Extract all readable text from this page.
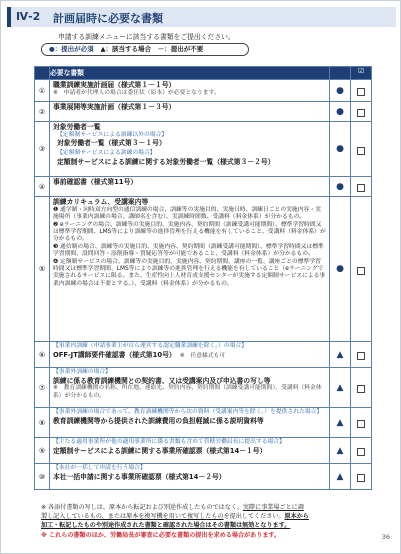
Ⅳ-2 計画届時に必要な書類
申請する訓練メニューに該当する書類をご提出ください。
●：提出が必須 ▲：該当する場合 －：提出が不要
	必要な書類		☑
①	職業訓練実施計画届（様式第１－１号）
※　申請者が代理人の場合は委任状（原本）が必要となります。	●	
②	事業展開等実施計画（様式第１－３号）	●	
③	対象労働者一覧
【定額制サービスによる訓練以外の場合】
対象労働者一覧（様式第３－１号）
【定額制サービスによる訓練の場合】
定額制サービスによる訓練に関する対象労働者一覧（様式第３－２号）	●	
④	事前確認書（様式第11号）	●	
⑤	訓練カリキュラム、受講案内等
❶ 通学制・同時双方向型の通信訓練の場合、訓練等の実施目的、実施日時、訓練日ごとの実施内容・実施場所（事業内訓練の場合、講師名を含む）、実訓練時間数、受講料（料金体系）が分かるもの。
❷ eラーニングの場合、訓練等の実施目的、実施内容、契約期間（訓練受講可能期間）、標準学習時間又は標準学習期間、LMS等により訓練等の進捗管理を行える機能を有していること、受講料（料金体系）が分かるもの。
❸ 通信制の場合、訓練等の実施目的、実施内容、契約期間（訓練受講可能期間）、標準学習時間又は標準学習期間、設問回答・添削指導・質疑応答等が可能であること、受講料（料金体系）が分かるもの。
❹ 定額制サービスの場合、訓練等の実施目的、実施内容、契約期間、講座の一覧、講座ごとの標準学習時間又は標準学習期間、LMS等により訓練等の進捗管理を行える機能を有していること（eラーニングで実施されるサービスに限る。また、生産性向上人材育成支援センターが実施する定額制サービスによる事業内訓練の場合は不要とする。）、受講料（料金体系）が分かるもの。	●	
⑥	【事業内訓練（申請事業主が自ら運営する認定職業訓練を除く。）の場合】
OFF-JT講師要件確認書（様式第10号） ※　任意様式も可	▲	
⑦	【事業外訓練の場合】
訓練に係る教育訓練機関との契約書、又は受講案内及び申込書の写し等
※　教育訓練機関の名称、所在地、連絡先、契約内容、契約期間（訓練受講可能期間）、受講料（料金体系）が分かるもの。	▲	
⑧	【事業外訓練の場合であって、教育訓練機関等から次の資料（受講案内等を除く。）を提供された場合】
教育訓練機関等から提供された訓練費用の負担軽減に係る説明資料等	▲	
⑨	【主たる適用事業所が他の適用事業所に係る書類も含めて管轄労働局長に提出する場合】
定額制サービスによる訓練に関する事業所確認票（様式第14－１号）	▲	
⑩	【本社が一括して申請を行う場合】
本社一括申請に関する事業所確認票（様式第14－２号）	▲	
※ 各添付書類の写しは、原本から転記および別途作成したものではなく、実際に事業場ごとに調
製し記入しているもの、または原本を複写機を用いて複写したものを提出してください。原本から
加工・転記したものや別途作成された書類と確認された場合はその書類は無効となります。
※ これらの書類のほか、労働局長が審査に必要な書類の提出を求める場合があります。	36
